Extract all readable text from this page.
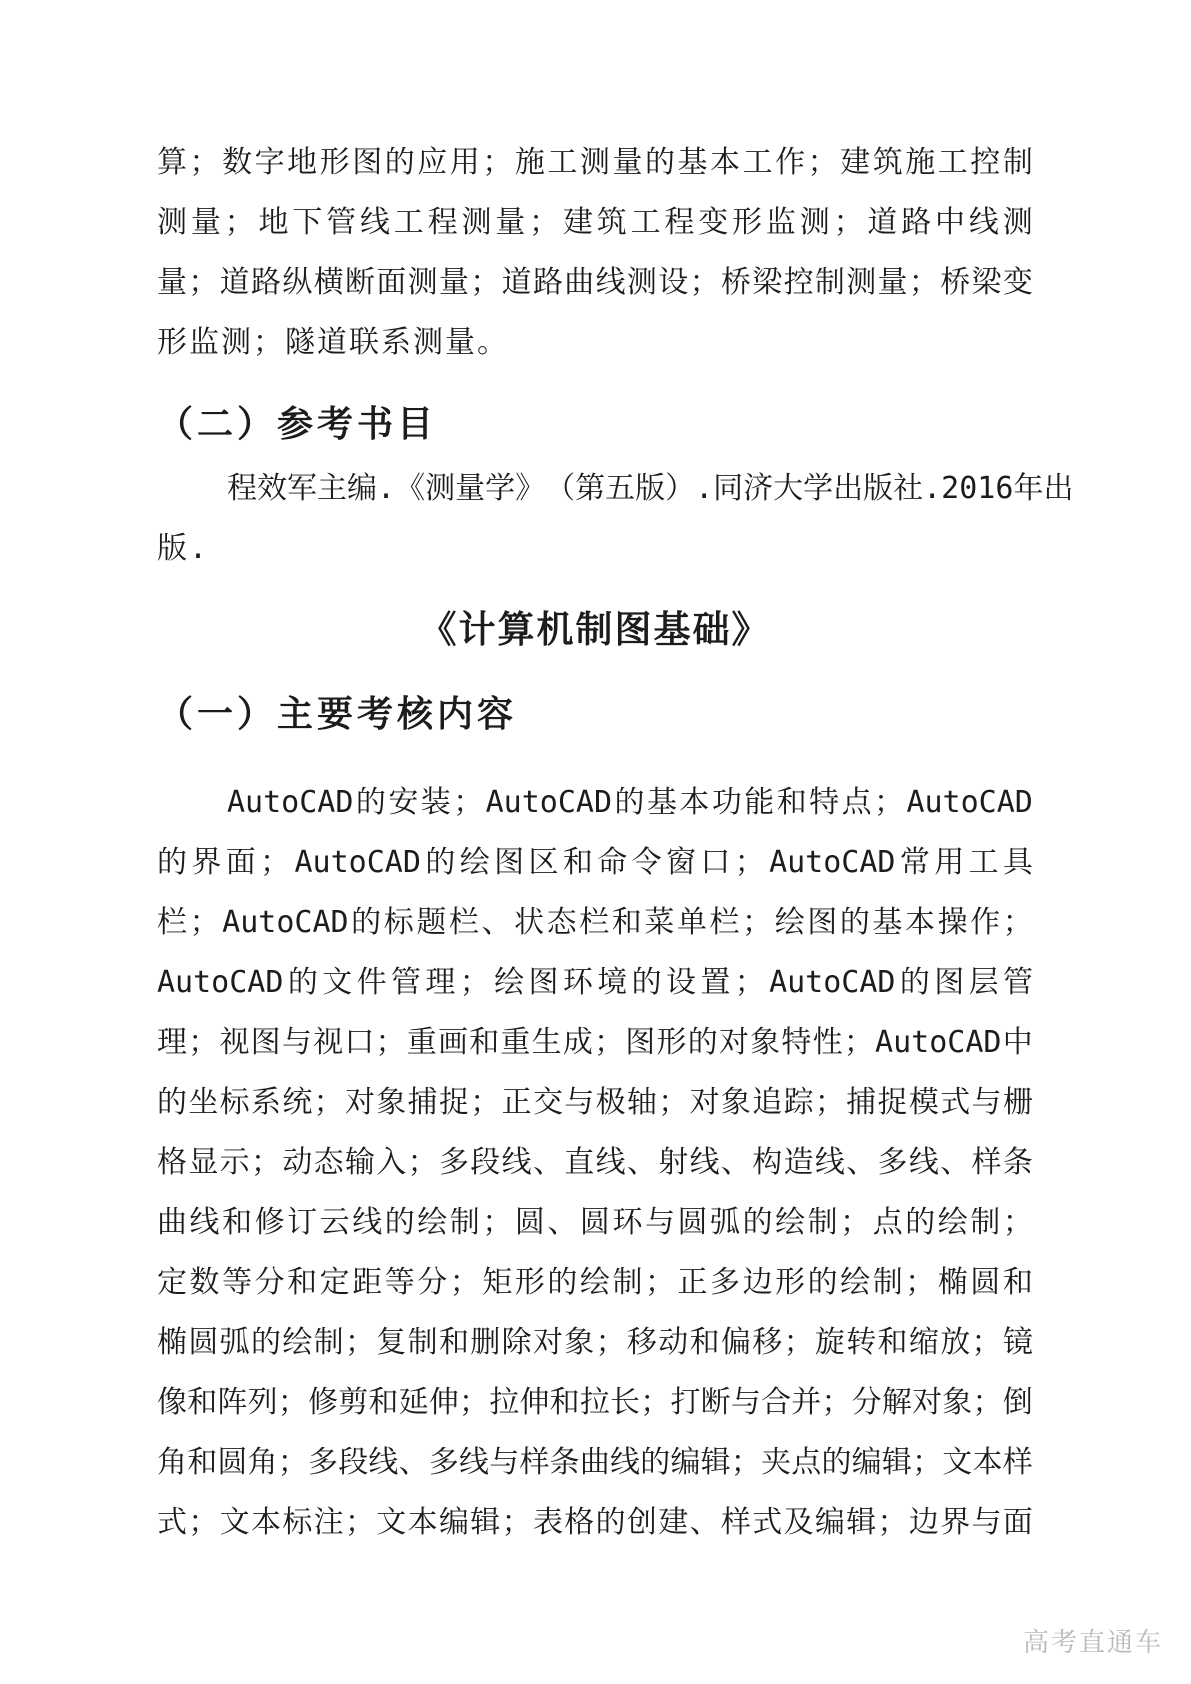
算 ； 数 字 地 形 图 的 应 用 ； 施 工 测 量 的 基 本 工 作 ； 建 筑 施 工 控 制
测 量 ； 地 下 管 线 工 程 测 量 ； 建 筑 工 程 变 形 监 测 ； 道 路 中 线 测
量 ； 道 路 纵 横 断 面 测 量 ； 道 路 曲 线 测 设 ； 桥 梁 控 制 测 量 ； 桥 梁 变
形监测；隧道联系测量。
（二）参考书目
程 效 军 主 编 . 《 测 量 学 》 （ 第 五 版 ） . 同 济 大 学 出 版 社 .2016 年 出
版.
《计算机制图基础》
（一）主要考核内容
AutoCAD 的 安 装 ； AutoCAD 的 基 本 功 能 和 特 点 ； AutoCAD
的 界 面 ； AutoCAD 的 绘 图 区 和 命 令 窗 口 ； AutoCAD 常 用 工 具
栏 ； AutoCAD 的 标 题 栏 、 状 态 栏 和 菜 单 栏 ； 绘 图 的 基 本 操 作 ；
AutoCAD 的 文 件 管 理 ； 绘 图 环 境 的 设 置 ； AutoCAD 的 图 层 管
理 ； 视 图 与 视 口 ； 重 画 和 重 生 成 ； 图 形 的 对 象 特 性 ； AutoCAD 中
的 坐 标 系 统 ； 对 象 捕 捉 ； 正 交 与 极 轴 ； 对 象 追 踪 ； 捕 捉 模 式 与 栅
格 显 示 ； 动 态 输 入 ； 多 段 线 、 直 线 、 射 线 、 构 造 线 、 多 线 、 样 条
曲 线 和 修 订 云 线 的 绘 制 ； 圆 、 圆 环 与 圆 弧 的 绘 制 ； 点 的 绘 制 ；
定 数 等 分 和 定 距 等 分 ； 矩 形 的 绘 制 ； 正 多 边 形 的 绘 制 ； 椭 圆 和
椭 圆 弧 的 绘 制 ； 复 制 和 删 除 对 象 ； 移 动 和 偏 移 ； 旋 转 和 缩 放 ； 镜
像 和 阵 列 ； 修 剪 和 延 伸 ； 拉 伸 和 拉 长 ； 打 断 与 合 并 ； 分 解 对 象 ； 倒
角 和 圆 角 ； 多 段 线 、 多 线 与 样 条 曲 线 的 编 辑 ； 夹 点 的 编 辑 ； 文 本 样
式 ； 文 本 标 注 ； 文 本 编 辑 ； 表 格 的 创 建 、 样 式 及 编 辑 ； 边 界 与 面
高考直通车
